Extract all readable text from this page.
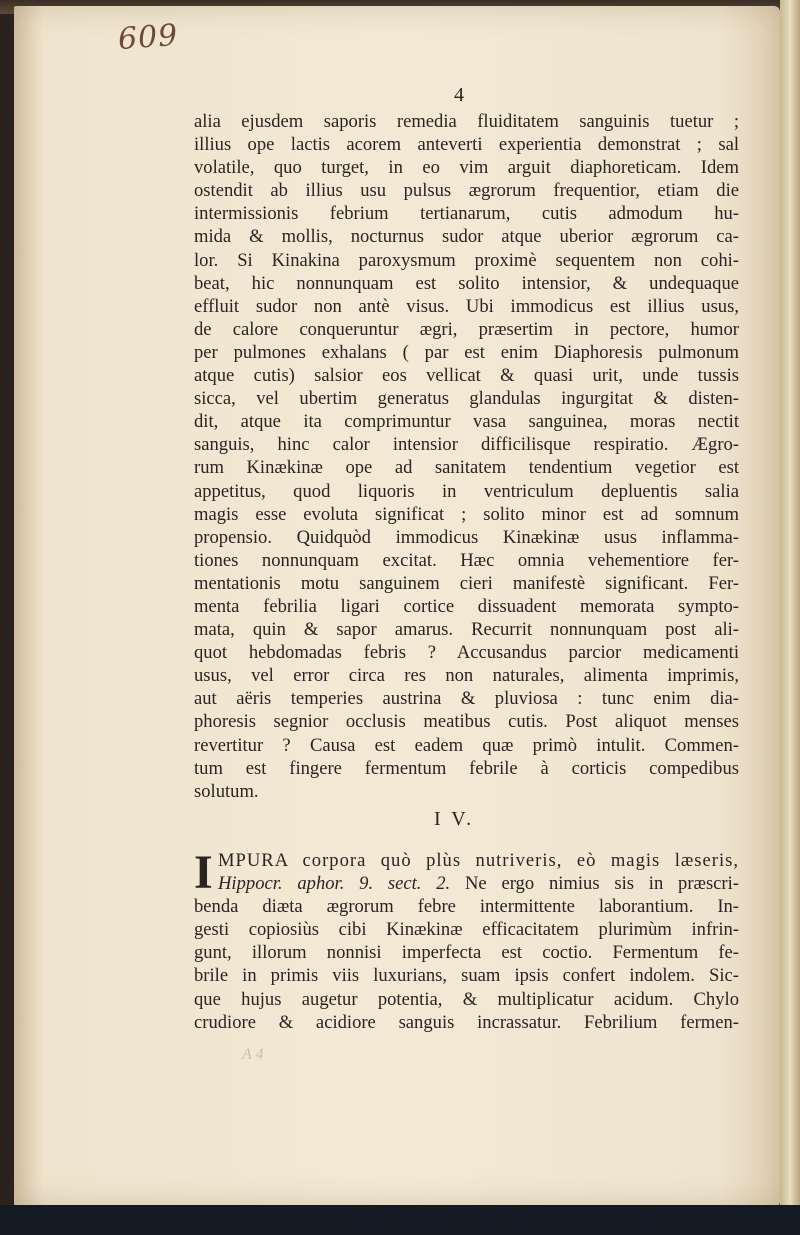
609
4
alia ejusdem saporis remedia fluiditatem sanguinis tuetur ;
illius ope lactis acorem anteverti experientia demonstrat ; sal
volatile, quo turget, in eo vim arguit diaphoreticam. Idem
ostendit ab illius usu pulsus ægrorum frequentior, etiam die
intermissionis febrium tertianarum, cutis admodum hu-
mida & mollis, nocturnus sudor atque uberior ægrorum ca-
lor. Si Kinakina paroxysmum proximè sequentem non cohi-
beat, hic nonnunquam est solito intensior, & undequaque
effluit sudor non antè visus. Ubi immodicus est illius usus,
de calore conqueruntur ægri, præsertim in pectore, humor
per pulmones exhalans ( par est enim Diaphoresis pulmonum
atque cutis) salsior eos vellicat & quasi urit, unde tussis
sicca, vel ubertim generatus glandulas ingurgitat & disten-
dit, atque ita comprimuntur vasa sanguinea, moras nectit
sanguis, hinc calor intensior difficilisque respiratio. Ægro-
rum Kinækinæ ope ad sanitatem tendentium vegetior est
appetitus, quod liquoris in ventriculum depluentis salia
magis esse evoluta significat ; solito minor est ad somnum
propensio. Quidquòd immodicus Kinækinæ usus inflamma-
tiones nonnunquam excitat. Hæc omnia vehementiore fer-
mentationis motu sanguinem cieri manifestè significant. Fer-
menta febrilia ligari cortice dissuadent memorata sympto-
mata, quin & sapor amarus. Recurrit nonnunquam post ali-
quot hebdomadas febris ? Accusandus parcior medicamenti
usus, vel error circa res non naturales, alimenta imprimis,
aut aëris temperies austrina & pluviosa : tunc enim dia-
phoresis segnior occlusis meatibus cutis. Post aliquot menses
revertitur ? Causa est eadem quæ primò intulit. Commen-
tum est fingere fermentum febrile à corticis compedibus
solutum.
I V.
I MPURA corpora quò plùs nutriveris, eò magis læseris,
Hippocr. aphor. 9. sect. 2. Ne ergo nimius sis in præscri-
benda diæta ægrorum febre intermittente laborantium. In-
gesti copiosiùs cibi Kinækinæ efficacitatem plurimùm infrin-
gunt, illorum nonnisi imperfecta est coctio. Fermentum fe-
brile in primis viis luxurians, suam ipsis confert indolem. Sic-
que hujus augetur potentia, & multiplicatur acidum. Chylo
crudiore & acidiore sanguis incrassatur. Febrilium fermen-
A 4
